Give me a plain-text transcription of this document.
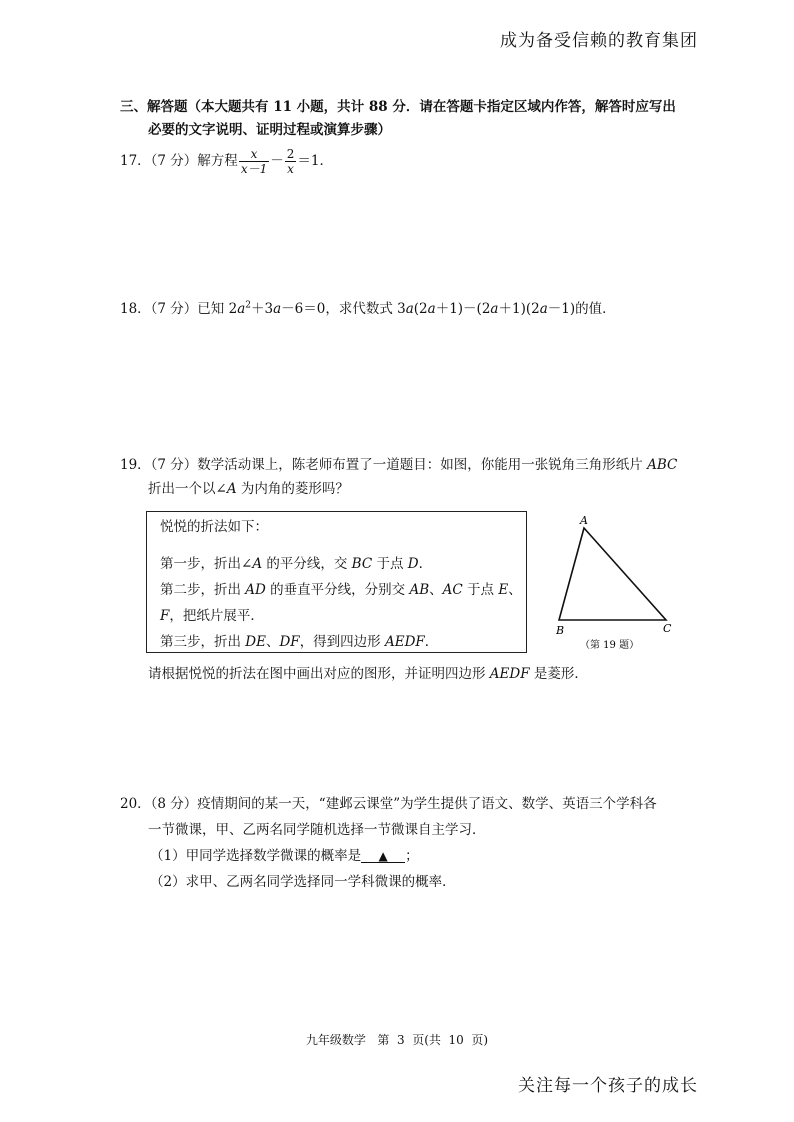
成为备受信赖的教育集团
三、解答题（本大题共有 11 小题，共计 88 分．请在答题卡指定区域内作答，解答时应写出
必要的文字说明、证明过程或演算步骤）
17．（7 分）解方程 $\frac{x}{x-1} - \frac{2}{x} =1$．
18．（7 分）已知 $2a^2+3a-6=0$，求代数式 3a(2a＋1)－(2a＋1)(2a－1)的值．
19．（7 分）数学活动课上，陈老师布置了一道题目：如图，你能用一张锐角三角形纸片 ABC
折出一个以∠A 为内角的菱形吗？
悦悦的折法如下：
第一步，折出∠A 的平分线，交 BC 于点 D．
第二步，折出 AD 的垂直平分线，分别交 AB、AC 于点 E、
F，把纸片展平．
第三步，折出 DE、DF，得到四边形 AEDF．
A
B	C
（第 19 题）
请根据悦悦的折法在图中画出对应的图形，并证明四边形 AEDF 是菱形．
20．（8 分）疫情期间的某一天，“建邺云课堂”为学生提供了语文、数学、英语三个学科各
一节微课，甲、乙两名同学随机选择一节微课自主学习．
（1）甲同学选择数学微课的概率是 ▲ ；
（2）求甲、乙两名同学选择同一学科微课的概率．
九年级数学   第  3  页(共  10  页)
关注每一个孩子的成长
